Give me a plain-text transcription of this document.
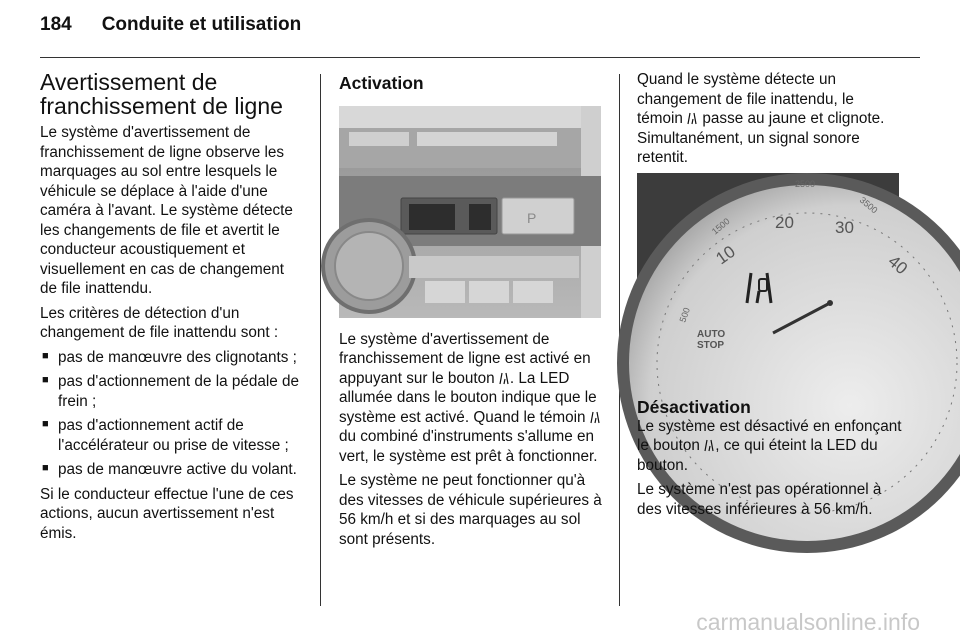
184 Conduite et utilisation
Avertissement de franchissement de ligne

Le système d'avertissement de franchissement de ligne observe les marquages au sol entre lesquels le véhicule se déplace à l'aide d'une caméra à l'avant. Le système détecte les changements de file et avertit le conducteur acoustiquement et visuellement en cas de changement de file inattendu.

Les critères de détection d'un changement de file inattendu sont :

■ pas de manœuvre des clignotants ;
■ pas d'actionnement de la pédale de frein ;
■ pas d'actionnement actif de l'accélérateur ou prise de vitesse ;
■ pas de manœuvre active du volant.

Si le conducteur effectue l'une de ces actions, aucun avertissement n'est émis.

Activation
P

Le système d'avertissement de franchissement de ligne est activé en appuyant sur le bouton . La LED allumée dans le bouton indique que le système est activé. Quand le témoin  du combiné d'instruments s'allume en vert, le système est prêt à fonctionner.

Le système ne peut fonctionner qu'à des vitesses de véhicule supérieures à 56 km/h et si des marquages au sol sont présents.

Quand le système détecte un changement de file inattendu, le témoin passe au jaune et clignote. Simultanément, un signal sonore retentit.

500
1500
2500
3500
10
20 30
40
AUTO
STOP
Désactivation

Le système est désactivé en enfonçant le bouton , ce qui éteint la LED du bouton.

Le système n'est pas opérationnel à des vitesses inférieures à 56 km/h.

carmanualsonline.info
